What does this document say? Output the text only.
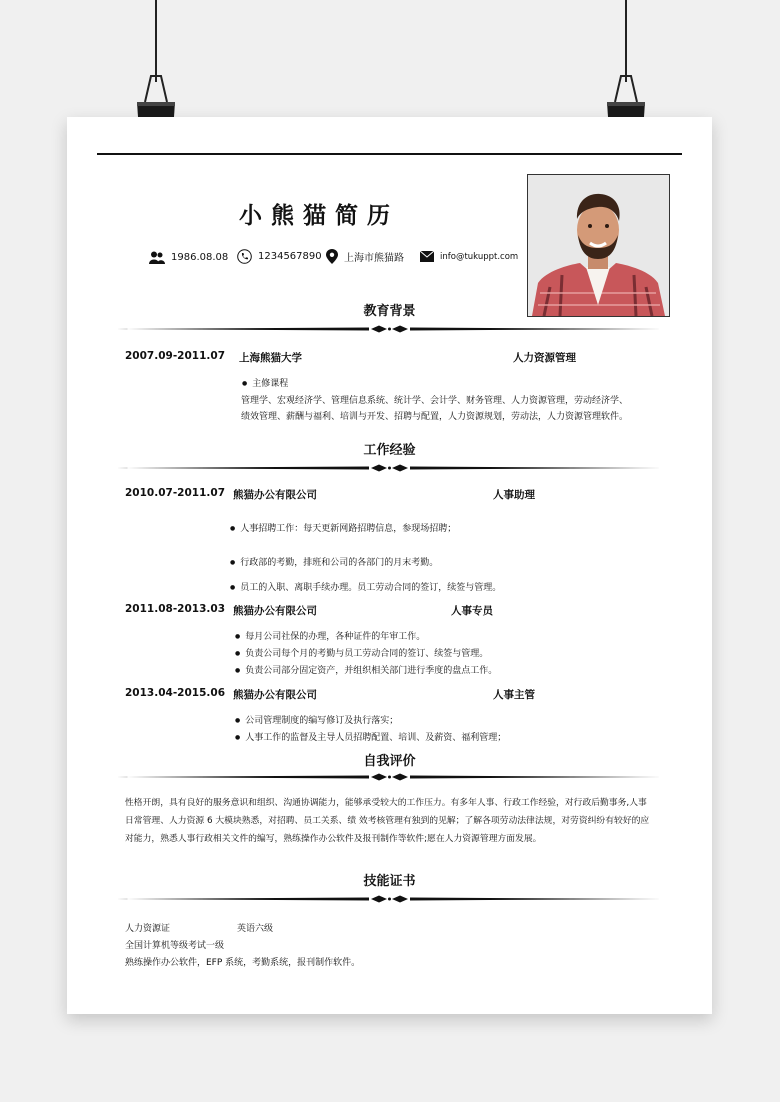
小熊猫简历
1986.08.08	1234567890 上海市熊猫路	info@tukuppt.com
教育背景
2007.09-2011.07 上海熊猫大学	人力资源管理
● 主修课程
管理学、宏观经济学、管理信息系统、统计学、会计学、财务管理、人力资源管理，劳动经济学、
绩效管理、薪酬与福利、培训与开发、招聘与配置，人力资源规划，劳动法，人力资源管理软件。
工作经验
2010.07-2011.07 熊猫办公有限公司	人事助理
● 人事招聘工作：每天更新网路招聘信息，参现场招聘；
● 行政部的考勤，排班和公司的各部门的月末考勤。
● 员工的入职、离职手续办理。员工劳动合同的签订，续签与管理。
2011.08-2013.03 熊猫办公有限公司	人事专员
● 每月公司社保的办理，各种证件的年审工作。
● 负责公司每个月的考勤与员工劳动合同的签订、续签与管理。
● 负责公司部分固定资产，并组织相关部门进行季度的盘点工作。
2013.04-2015.06 熊猫办公有限公司	人事主管
● 公司管理制度的编写修订及执行落实；
● 人事工作的监督及主导人员招聘配置、培训、及薪资、福利管理；
自我评价
性格开朗，具有良好的服务意识和组织、沟通协调能力，能够承受较大的工作压力。有多年人事、行政工作经验，对行政后勤事务,人事
日常管理、人力资源 6 大模块熟悉，对招聘、员工关系、绩 效考核管理有独到的见解；了解各项劳动法律法规，对劳资纠纷有较好的应
对能力，熟悉人事行政相关文件的编写，熟练操作办公软件及报刊制作等软件;愿在人力资源管理方面发展。
技能证书
人力资源证	英语六级
全国计算机等级考试一级
熟练操作办公软件，EFP 系统，考勤系统，报刊制作软件。
